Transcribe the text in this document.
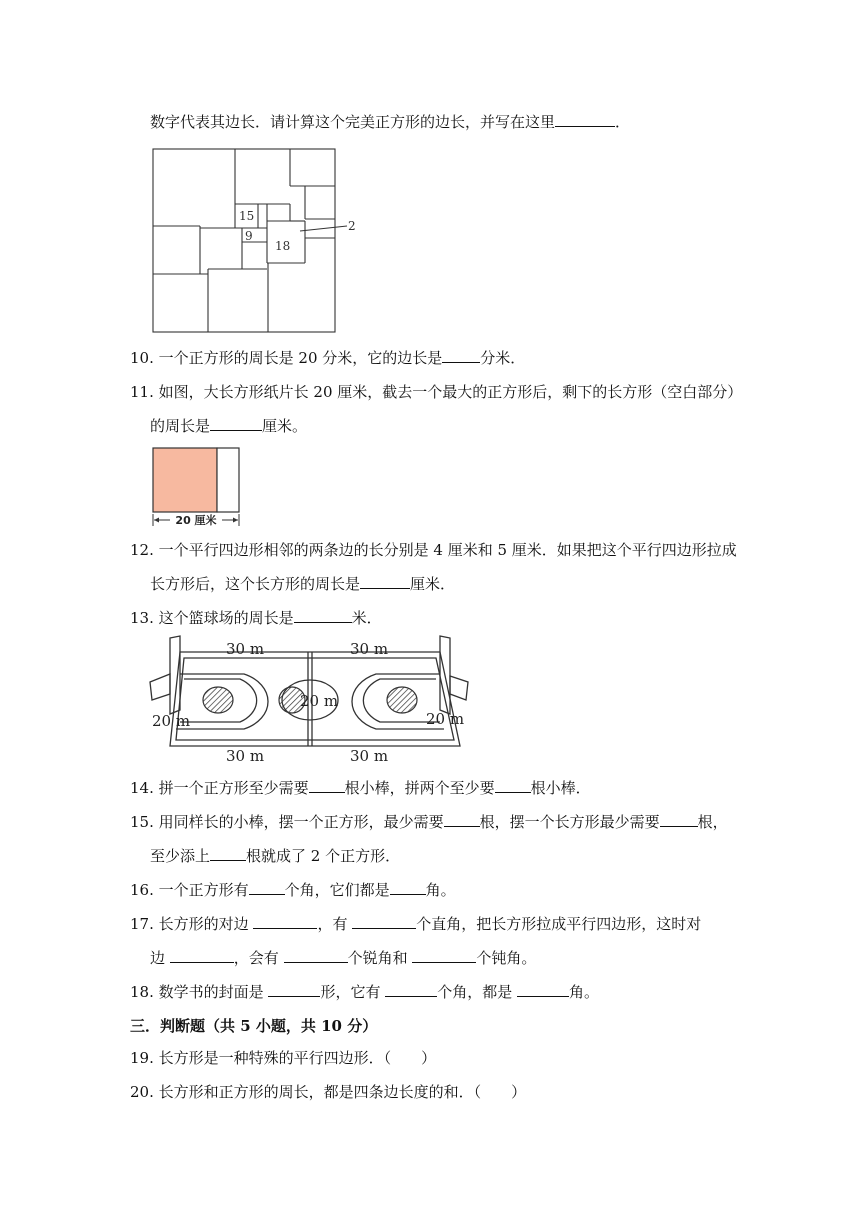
数字代表其边长．请计算这个完美正方形的边长，并写在这里	．
15
9
18
2
10. 一个正方形的周长是 20 分米，它的边长是	分米．
11. 如图，大长方形纸片长 20 厘米，截去一个最大的正方形后，剩下的长方形（空白部分）
的周长是	厘米。
20 厘米
12. 一个平行四边形相邻的两条边的长分别是 4 厘米和 5 厘米．如果把这个平行四边形拉成
长方形后，这个长方形的周长是	厘米．
13. 这个篮球场的周长是	米．
30 m	30 m
30 m	30 m
20 m	20 m
20 m
14. 拼一个正方形至少需要 根小棒，拼两个至少要 根小棒．
15. 用同样长的小棒，摆一个正方形，最少需要 根，摆一个长方形最少需要	根，
至少添上 根就成了 2 个正方形．
16. 一个正方形有 个角，它们都是 角。
17. 长方形的对边	，有	个直角，把长方形拉成平行四边形，这时对
边	，会有	个锐角和	个钝角。
18. 数学书的封面是	形，它有	个角，都是	角。
三．判断题（共 5 小题，共 10 分）
19. 长方形是一种特殊的平行四边形．（　　）
20. 长方形和正方形的周长，都是四条边长度的和．（　　）
